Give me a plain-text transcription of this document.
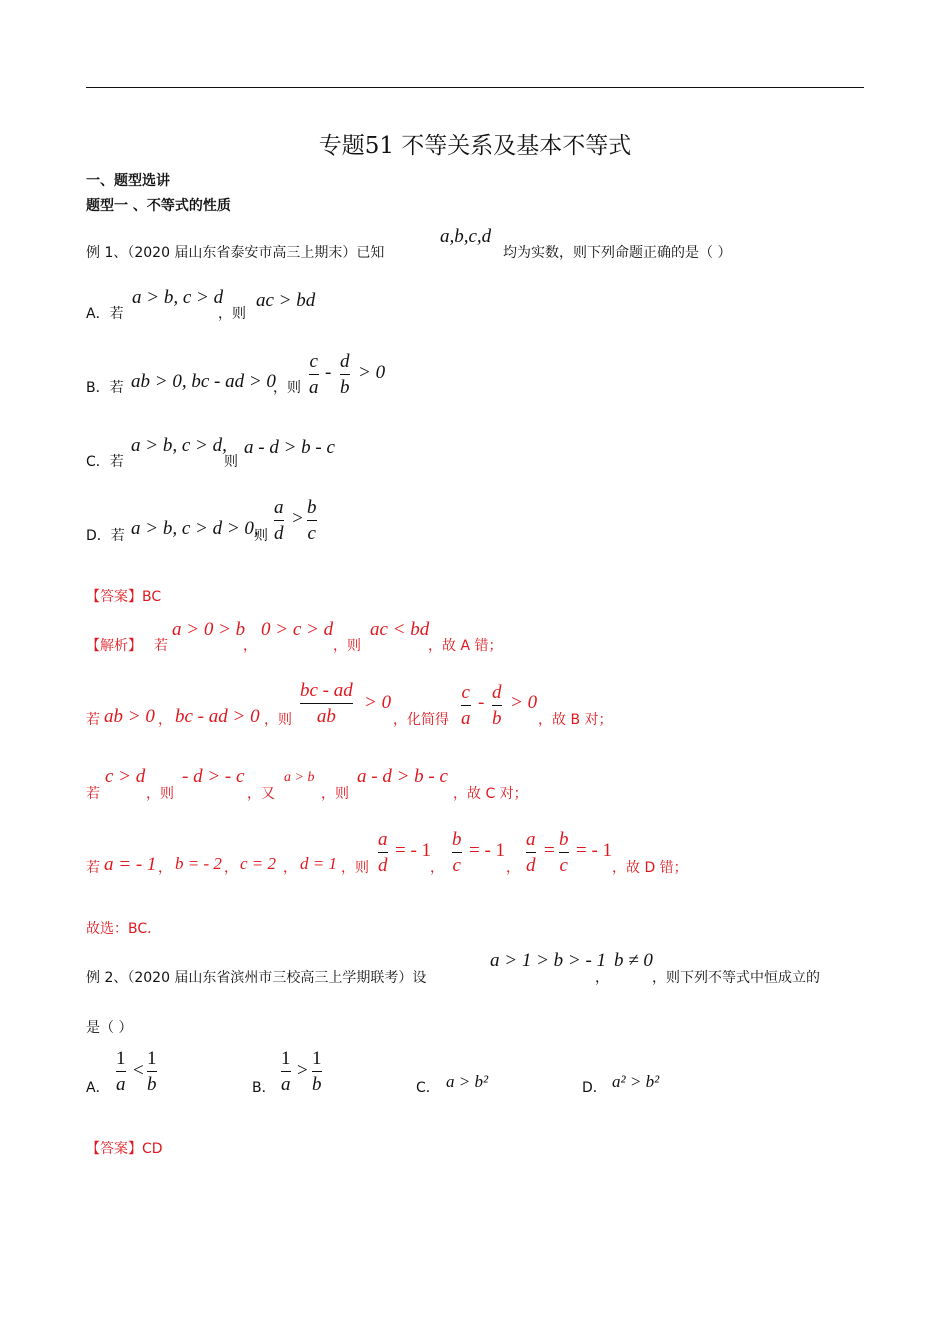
专题51 不等关系及基本不等式
一、题型选讲
题型一 、不等式的性质
例 1、（2020 届山东省泰安市高三上期末）已知
a,b,c,d
均为实数，则下列命题正确的是（ ）
A．若
a > b, c > d
，则
ac > bd
B．若 ab > 0, bc - ad > 0
，则
c
a
-
d
b
> 0
C．若
a > b, c > d,
则
a - d > b - c
D．若 a > b, c > d > 0,
则
a
d
>
b
c
【答案】BC
【解析】 若
a > 0 > b
，
0 > c > d
，则
ac < bd
，故 A 错；
若 ab > 0 ， bc - ad > 0 ，则
bc - ad
ab
> 0
，化简得
c
a
- d
b
> 0
，故 B 对；
若
c > d
，则
- d > - c
，又
a > b
，则
a - d > b - c
，故 C 对；
若 a = - 1 ， b = - 2 ， c = 2 ， d = 1 ，则
a
d
= - 1
，
b
c
= - 1
，
a
d
=
b
c
= - 1
，故 D 错；
故选：BC．
例 2、（2020 届山东省滨州市三校高三上学期联考）设
a > 1 > b > - 1
，
b ≠ 0
，则下列不等式中恒成立的
是（ ）
A．
1
a
<
1
b	B．
1
a
>
1
b	C． a > b²	D． a² > b²
【答案】CD
